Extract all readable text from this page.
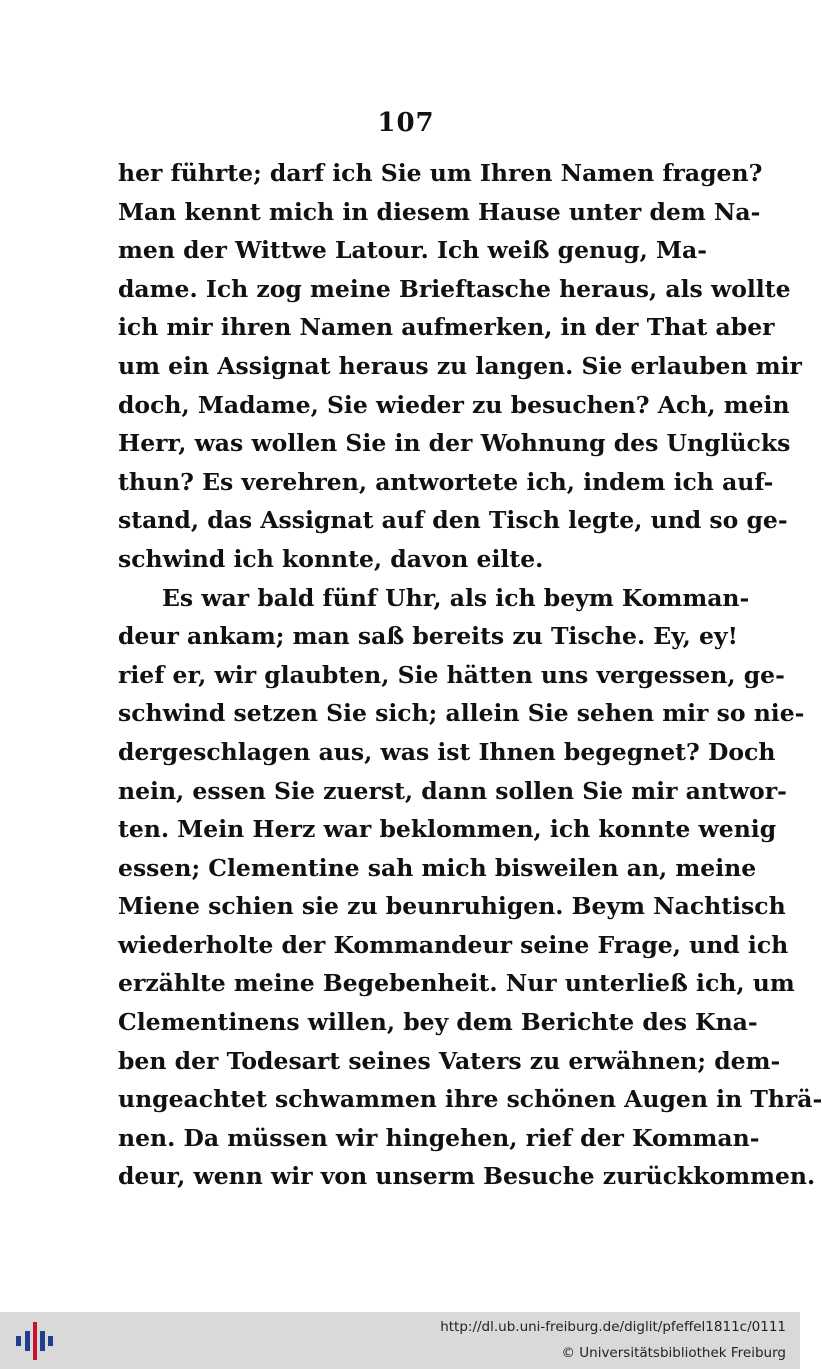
107
her führte; darf ich Sie um Ihren Namen fragen?
Man kennt mich in diesem Hause unter dem Na-
men der Wittwe Latour. Ich weiß genug, Ma-
dame. Ich zog meine Brieftasche heraus, als wollte
ich mir ihren Namen aufmerken, in der That aber
um ein Assignat heraus zu langen. Sie erlauben mir
doch, Madame, Sie wieder zu besuchen? Ach, mein
Herr, was wollen Sie in der Wohnung des Unglücks
thun? Es verehren, antwortete ich, indem ich auf-
stand, das Assignat auf den Tisch legte, und so ge-
schwind ich konnte, davon eilte.
Es war bald fünf Uhr, als ich beym Komman-
deur ankam; man saß bereits zu Tische. Ey, ey!
rief er, wir glaubten, Sie hätten uns vergessen, ge-
schwind setzen Sie sich; allein Sie sehen mir so nie-
dergeschlagen aus, was ist Ihnen begegnet? Doch
nein, essen Sie zuerst, dann sollen Sie mir antwor-
ten. Mein Herz war beklommen, ich konnte wenig
essen; Clementine sah mich bisweilen an, meine
Miene schien sie zu beunruhigen. Beym Nachtisch
wiederholte der Kommandeur seine Frage, und ich
erzählte meine Begebenheit. Nur unterließ ich, um
Clementinens willen, bey dem Berichte des Kna-
ben der Todesart seines Vaters zu erwähnen; dem-
ungeachtet schwammen ihre schönen Augen in Thrä-
nen. Da müssen wir hingehen, rief der Komman-
deur, wenn wir von unserm Besuche zurückkommen.
http://dl.ub.uni-freiburg.de/diglit/pfeffel1811c/0111
© Universitätsbibliothek Freiburg
